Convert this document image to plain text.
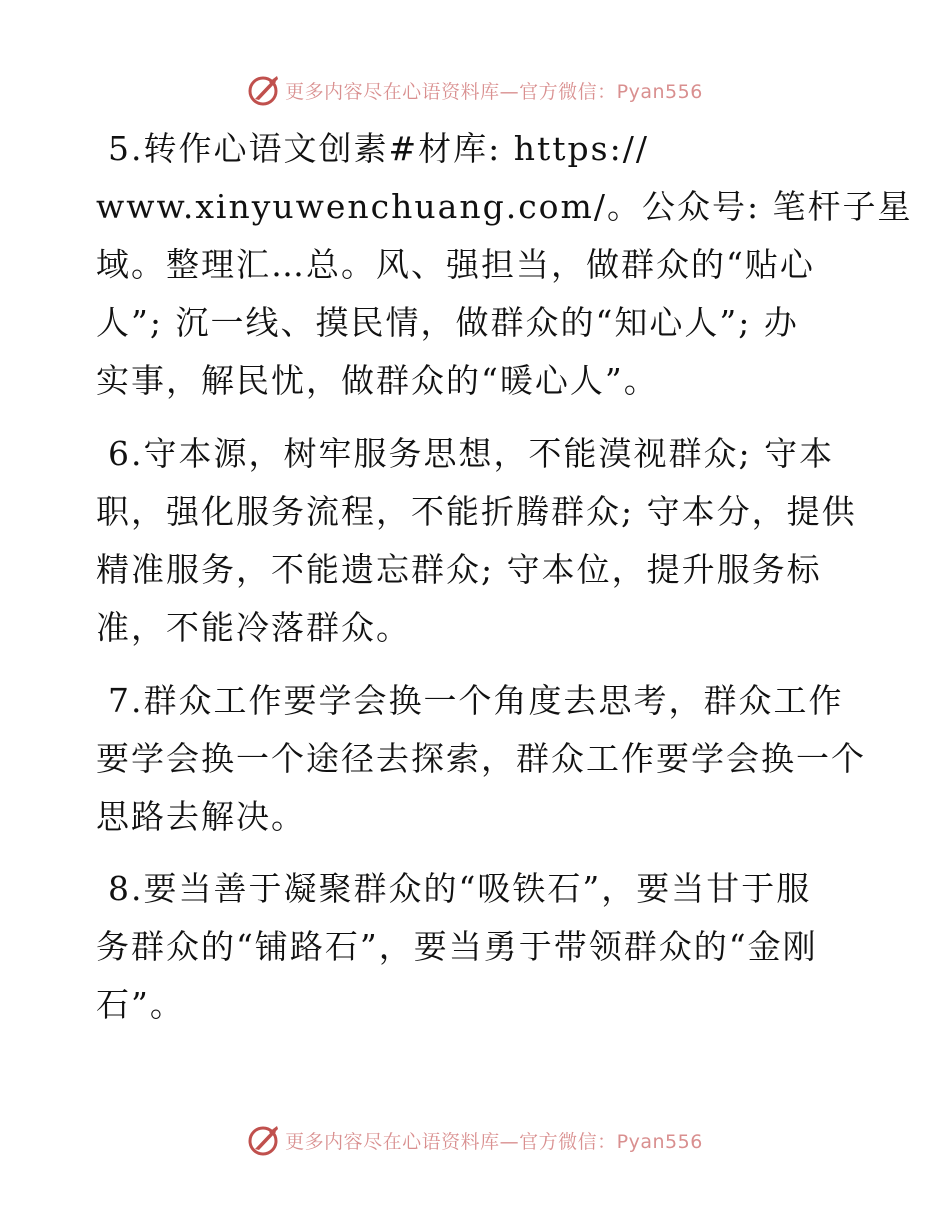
更多内容尽在心语资料库—官方微信：Pyan556
5.转作心语文创素#材库: https://
www.xinyuwenchuang.com/。公众号: 笔杆子星
域。整理汇…总。风、强担当，做群众的“贴心
人”; 沉一线、摸民情，做群众的“知心人”; 办
实事，解民忧，做群众的“暖心人”。
6.守本源，树牢服务思想，不能漠视群众; 守本
职，强化服务流程，不能折腾群众; 守本分，提供
精准服务，不能遗忘群众; 守本位，提升服务标
准，不能冷落群众。
7.群众工作要学会换一个角度去思考，群众工作
要学会换一个途径去探索，群众工作要学会换一个
思路去解决。
8.要当善于凝聚群众的“吸铁石”，要当甘于服
务群众的“铺路石”，要当勇于带领群众的“金刚
石”。
更多内容尽在心语资料库—官方微信：Pyan556
